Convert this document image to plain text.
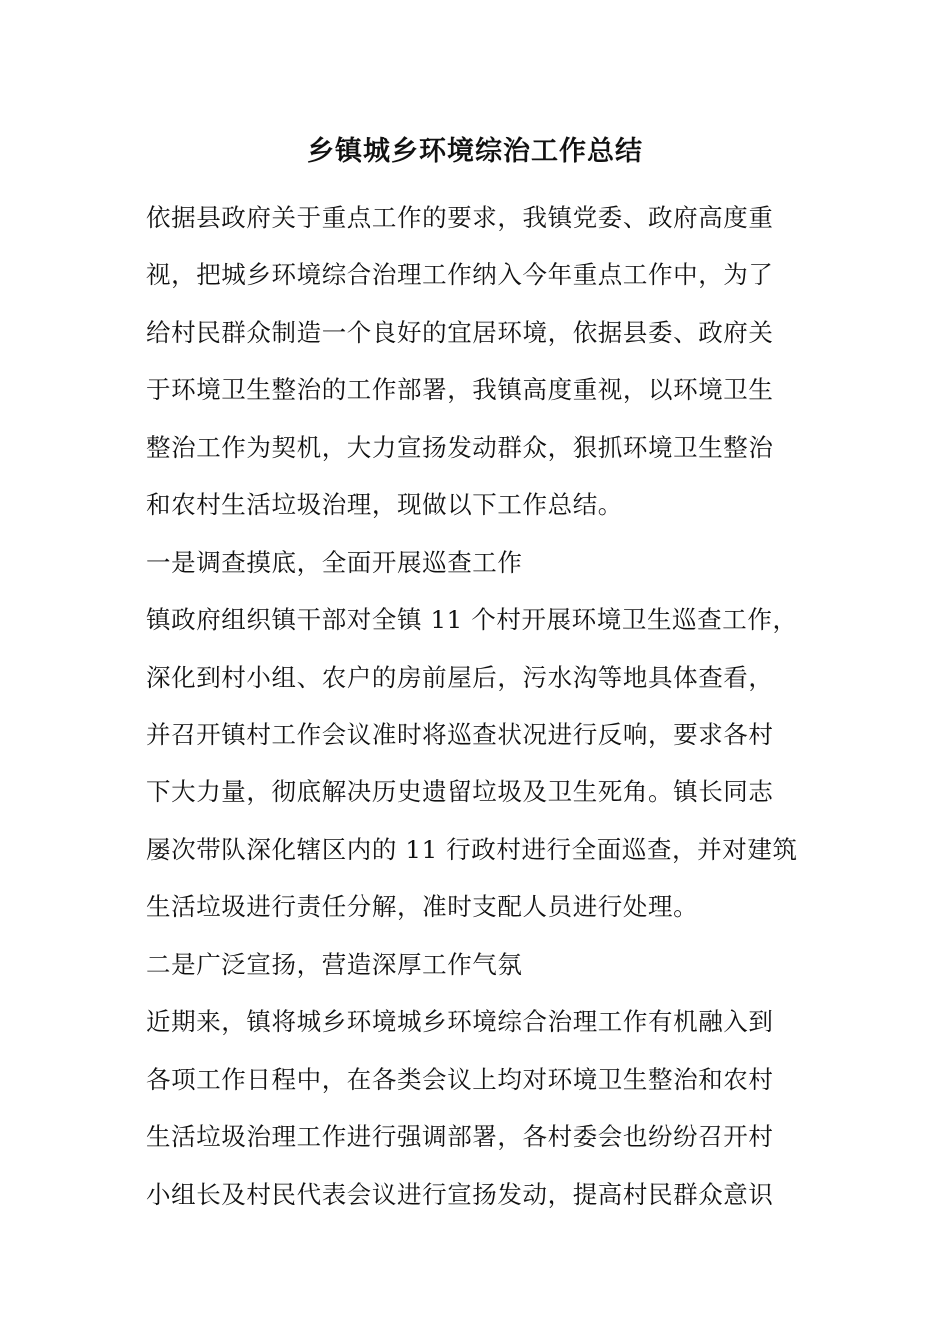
乡镇城乡环境综治工作总结
依据县政府关于重点工作的要求，我镇党委、政府高度重
视，把城乡环境综合治理工作纳入今年重点工作中，为了
给村民群众制造一个良好的宜居环境，依据县委、政府关
于环境卫生整治的工作部署，我镇高度重视，以环境卫生
整治工作为契机，大力宣扬发动群众，狠抓环境卫生整治
和农村生活垃圾治理，现做以下工作总结。
一是调查摸底，全面开展巡查工作
镇政府组织镇干部对全镇 11 个村开展环境卫生巡查工作，
深化到村小组、农户的房前屋后，污水沟等地具体查看，
并召开镇村工作会议准时将巡查状况进行反响，要求各村
下大力量，彻底解决历史遗留垃圾及卫生死角。镇长同志
屡次带队深化辖区内的 11 行政村进行全面巡查，并对建筑
生活垃圾进行责任分解，准时支配人员进行处理。
二是广泛宣扬，营造深厚工作气氛
近期来，镇将城乡环境城乡环境综合治理工作有机融入到
各项工作日程中，在各类会议上均对环境卫生整治和农村
生活垃圾治理工作进行强调部署，各村委会也纷纷召开村
小组长及村民代表会议进行宣扬发动，提高村民群众意识
